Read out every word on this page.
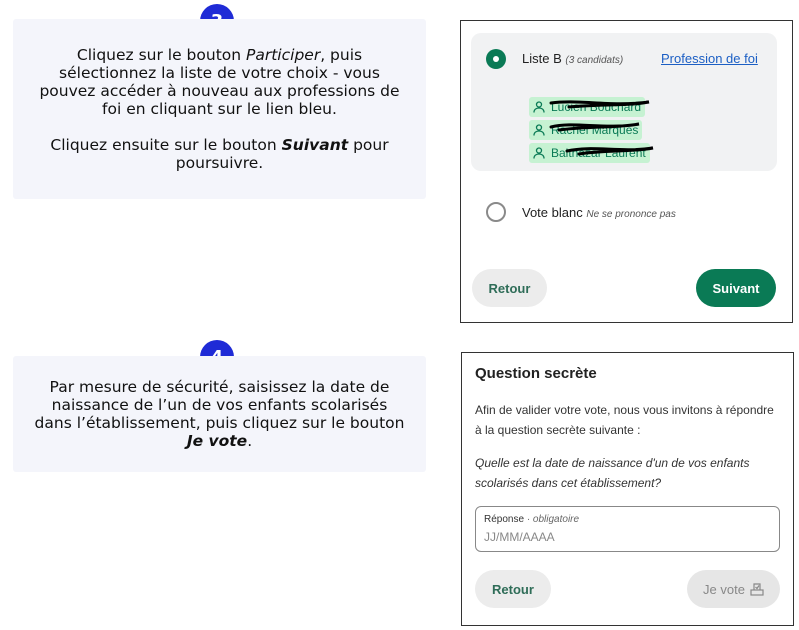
Cliquez sur le bouton Participer, puis

sélectionnez la liste de votre choix - vous

pouvez accéder à nouveau aux professions de

foi en cliquant sur le lien bleu.

Cliquez ensuite sur le bouton Suivant pour

poursuivre.

Liste B (3 candidats)	Profession de foi
Lucien Bouchard
Rachel Marques
Balthazar Laurent
Vote blanc Ne se prononce pas
Retour	Suivant

Par mesure de sécurité, saisissez la date de

naissance de l’un de vos enfants scolarisés

dans l’établissement, puis cliquez sur le bouton

Je vote.

Question secrète
Afin de valider votre vote, nous vous invitons à répondre à la question secrète suivante :
Quelle est la date de naissance d'un de vos enfants scolarisés dans cet établissement?
Réponse · obligatoire
JJ/MM/AAAA
Retour	Je vote
